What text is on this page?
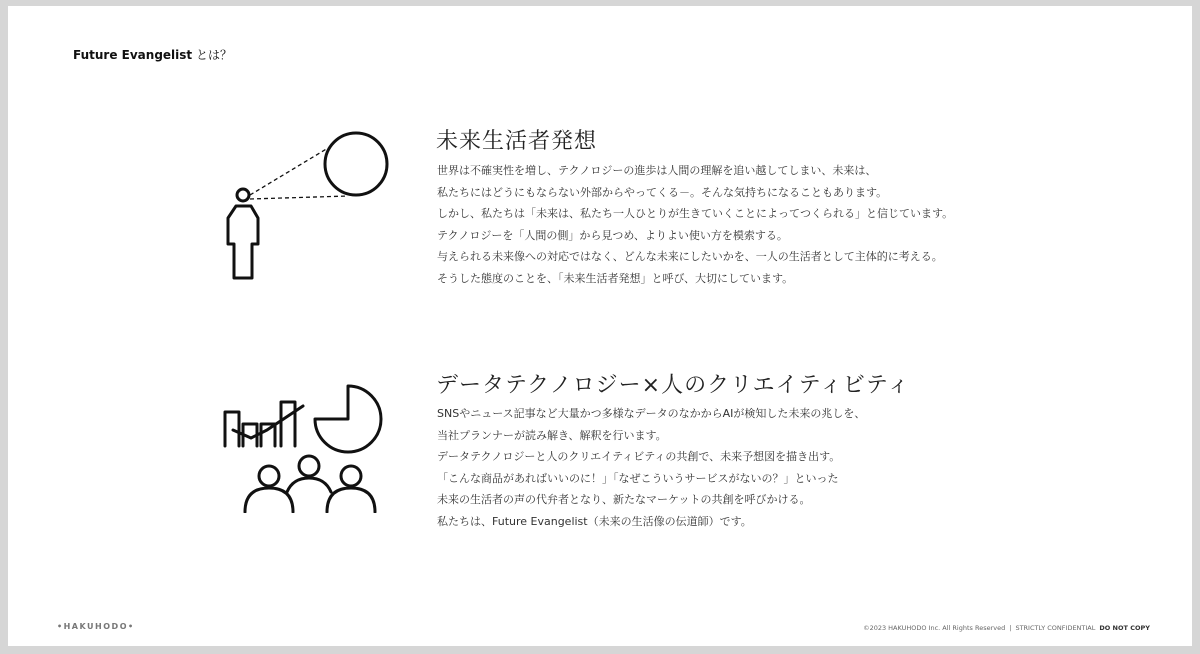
Future Evangelist とは？
未来生活者発想
世界は不確実性を増し、テクノロジーの進歩は人間の理解を追い越してしまい、未来は、
私たちにはどうにもならない外部からやってくる－。そんな気持ちになることもあります。
しかし、私たちは「未来は、私たち一人ひとりが生きていくことによってつくられる」と信じています。
テクノロジーを「人間の側」から見つめ、よりよい使い方を模索する。
与えられる未来像への対応ではなく、どんな未来にしたいかを、一人の生活者として主体的に考える。
そうした態度のことを、「未来生活者発想」と呼び、大切にしています。
データテクノロジー×人のクリエイティビティ
SNSやニュース記事など大量かつ多様なデータのなかからAIが検知した未来の兆しを、
当社プランナーが読み解き、解釈を行います。
データテクノロジーと人のクリエイティビティの共創で、未来予想図を描き出す。
「こんな商品があればいいのに！」「なぜこういうサービスがないの？」といった
未来の生活者の声の代弁者となり、新たなマーケットの共創を呼びかける。
私たちは、Future Evangelist（未来の生活像の伝道師）です。
•HAKUHODO•	©2023 HAKUHODO Inc. All Rights Reserved | STRICTLY CONFIDENTIAL DO NOT COPY
